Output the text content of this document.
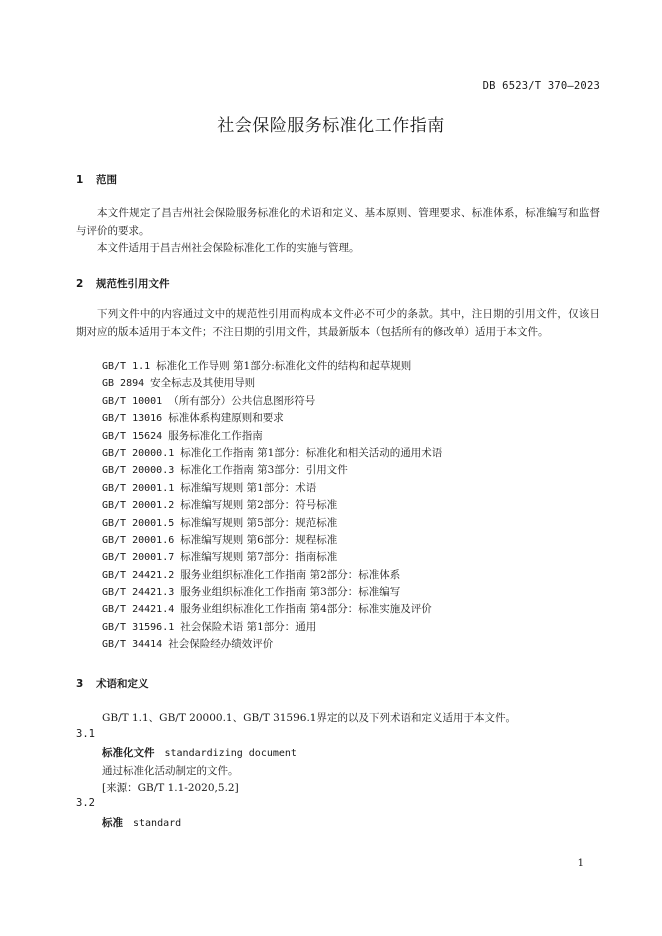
DB 6523/T 370—2023
社会保险服务标准化工作指南
1 范围

本文件规定了昌吉州社会保险服务标准化的术语和定义、基本原则、管理要求、标准体系，标准编写和监督与评价的要求。

本文件适用于昌吉州社会保险标准化工作的实施与管理。

2 规范性引用文件

下列文件中的内容通过文中的规范性引用而构成本文件必不可少的条款。其中，注日期的引用文件，仅该日期对应的版本适用于本文件；不注日期的引用文件，其最新版本（包括所有的修改单）适用于本文件。

GB/T 1.1 标准化工作导则 第1部分:标准化文件的结构和起草规则
GB 2894 安全标志及其使用导则
GB/T 10001 （所有部分）公共信息图形符号
GB/T 13016 标准体系构建原则和要求
GB/T 15624 服务标准化工作指南
GB/T 20000.1 标准化工作指南 第1部分：标准化和相关活动的通用术语
GB/T 20000.3 标准化工作指南 第3部分：引用文件
GB/T 20001.1 标准编写规则 第1部分：术语
GB/T 20001.2 标准编写规则 第2部分：符号标准
GB/T 20001.5 标准编写规则 第5部分：规范标准
GB/T 20001.6 标准编写规则 第6部分：规程标准
GB/T 20001.7 标准编写规则 第7部分：指南标准
GB/T 24421.2 服务业组织标准化工作指南 第2部分：标准体系
GB/T 24421.3 服务业组织标准化工作指南 第3部分：标准编写
GB/T 24421.4 服务业组织标准化工作指南 第4部分：标准实施及评价
GB/T 31596.1 社会保险术语 第1部分：通用
GB/T 34414 社会保险经办绩效评价
3 术语和定义
GB/T 1.1、GB/T 20000.1、GB/T 31596.1界定的以及下列术语和定义适用于本文件。
3.1
标准化文件 standardizing document
通过标准化活动制定的文件。
[来源：GB/T 1.1-2020,5.2]
3.2
标准 standard
1
